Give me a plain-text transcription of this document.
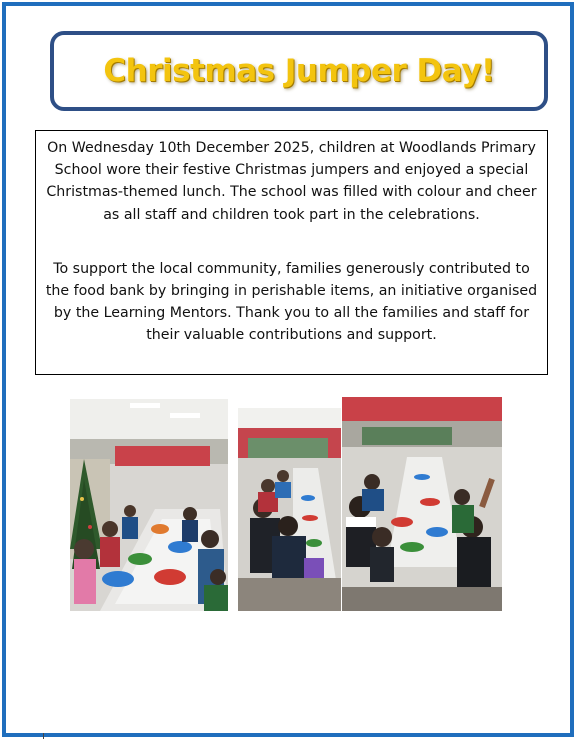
Christmas Jumper Day!

On Wednesday 10th December 2025, children at Woodlands Primary School wore their festive Christmas jumpers and enjoyed a special Christmas-themed lunch. The school was filled with colour and cheer as all staff and children took part in the celebrations.

To support the local community, families generously contributed to the food bank by bringing in perishable items, an initiative organised by the Learning Mentors. Thank you to all the families and staff for their valuable contributions and support.
